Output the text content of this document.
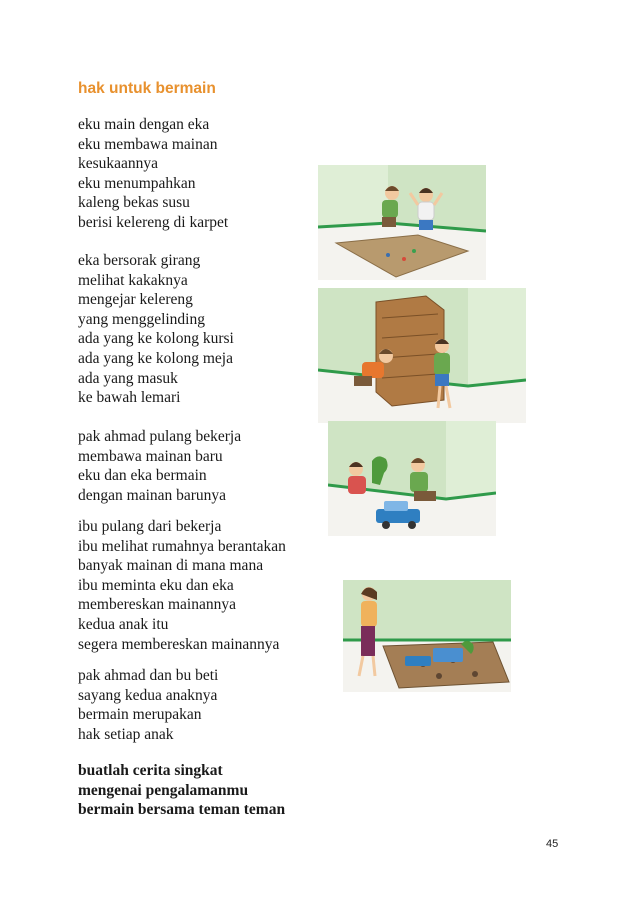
hak untuk bermain
eku main dengan eka
eku membawa mainan
kesukaannya
eku menumpahkan
kaleng bekas susu
berisi kelereng di karpet
eka bersorak girang
melihat kakaknya
mengejar kelereng
yang menggelinding
ada yang ke kolong kursi
ada yang ke kolong meja
ada yang masuk
ke bawah lemari
pak ahmad pulang bekerja
membawa mainan baru
eku dan eka bermain
dengan mainan barunya
ibu pulang dari bekerja
ibu melihat rumahnya berantakan
banyak mainan di mana mana
ibu meminta eku dan eka
membereskan mainannya
kedua anak itu
segera membereskan mainannya
pak ahmad dan bu beti
sayang kedua anaknya
bermain merupakan
hak setiap anak
buatlah cerita singkat
mengenai pengalamanmu
bermain bersama teman teman
45
